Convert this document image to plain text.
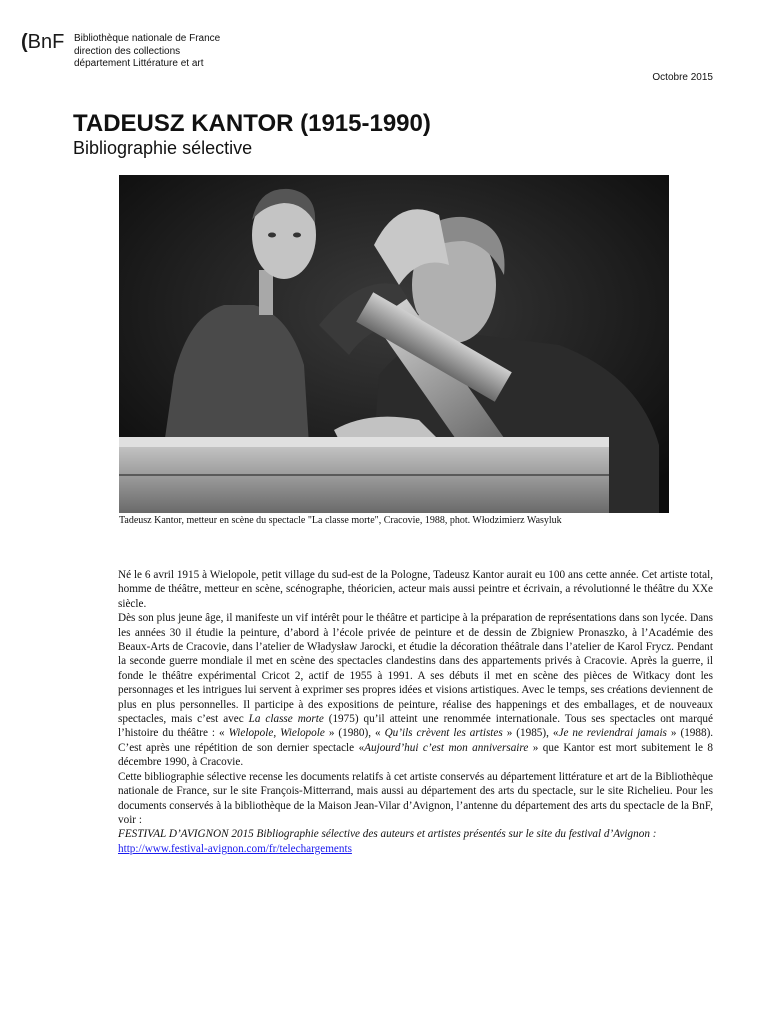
(BnF Bibliothèque nationale de France
direction des collections
département Littérature et art
Octobre 2015
TADEUSZ KANTOR (1915-1990)
Bibliographie sélective
Tadeusz Kantor, metteur en scène du spectacle "La classe morte", Cracovie, 1988, phot. Włodzimierz Wasyluk

Né le 6 avril 1915 à Wielopole, petit village du sud-est de la Pologne, Tadeusz Kantor aurait eu 100 ans cette année. Cet artiste total, homme de théâtre, metteur en scène, scénographe, théoricien, acteur mais aussi peintre et écrivain, a révolutionné le théâtre du XXe siècle.

Dès son plus jeune âge, il manifeste un vif intérêt pour le théâtre et participe à la préparation de représentations dans son lycée. Dans les années 30 il étudie la peinture, d’abord à l’école privée de peinture et de dessin de Zbigniew Pronaszko, à l’Académie des Beaux-Arts de Cracovie, dans l’atelier de Władysław Jarocki, et étudie la décoration théâtrale dans l’atelier de Karol Frycz. Pendant la seconde guerre mondiale il met en scène des spectacles clandestins dans des appartements privés à Cracovie. Après la guerre, il fonde le théâtre expérimental Cricot 2, actif de 1955 à 1991. A ses débuts il met en scène des pièces de Witkacy dont les personnages et les intrigues lui servent à exprimer ses propres idées et visions artistiques. Avec le temps, ses créations deviennent de plus en plus personnelles. Il participe à des expositions de peinture, réalise des happenings et des emballages, et de nouveaux spectacles, mais c’est avec La classe morte (1975) qu’il atteint une renommée internationale. Tous ses spectacles ont marqué l’histoire du théâtre : « Wielopole, Wielopole » (1980), « Qu’ils crèvent les artistes » (1985), «Je ne reviendrai jamais » (1988). C’est après une répétition de son dernier spectacle «Aujourd’hui c’est mon anniversaire » que Kantor est mort subitement le 8 décembre 1990, à Cracovie.

Cette bibliographie sélective recense les documents relatifs à cet artiste conservés au département littérature et art de la Bibliothèque nationale de France, sur le site François-Mitterrand, mais aussi au département des arts du spectacle, sur le site Richelieu. Pour les documents conservés à la bibliothèque de la Maison Jean-Vilar d’Avignon, l’antenne du département des arts du spectacle de la BnF, voir :

FESTIVAL D’AVIGNON 2015 Bibliographie sélective des auteurs et artistes présentés sur le site du festival d’Avignon :

http://www.festival-avignon.com/fr/telechargements
